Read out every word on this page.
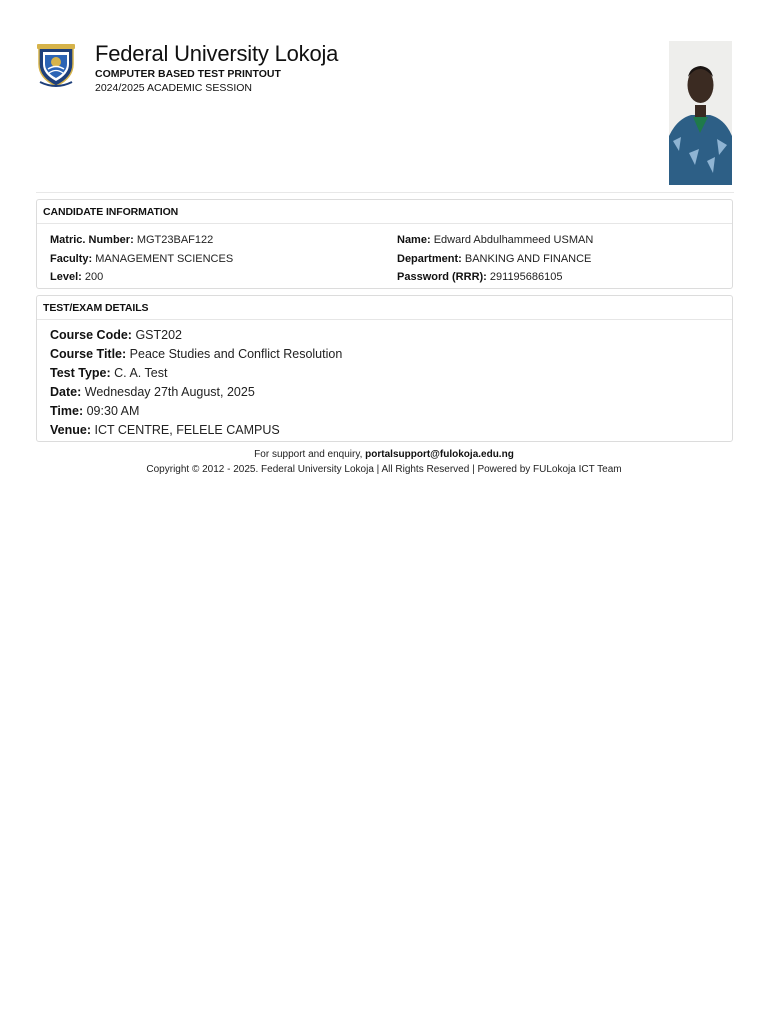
Federal University Lokoja
COMPUTER BASED TEST PRINTOUT
2024/2025 ACADEMIC SESSION
CANDIDATE INFORMATION
Matric. Number: MGT23BAF122
Faculty: MANAGEMENT SCIENCES
Level: 200
Name: Edward Abdulhammeed USMAN
Department: BANKING AND FINANCE
Password (RRR): 291195686105
TEST/EXAM DETAILS
Course Code: GST202
Course Title: Peace Studies and Conflict Resolution
Test Type: C. A. Test
Date: Wednesday 27th August, 2025
Time: 09:30 AM
Venue: ICT CENTRE, FELELE CAMPUS
For support and enquiry, portalsupport@fulokoja.edu.ng
Copyright © 2012 - 2025. Federal University Lokoja | All Rights Reserved | Powered by FULokoja ICT Team
